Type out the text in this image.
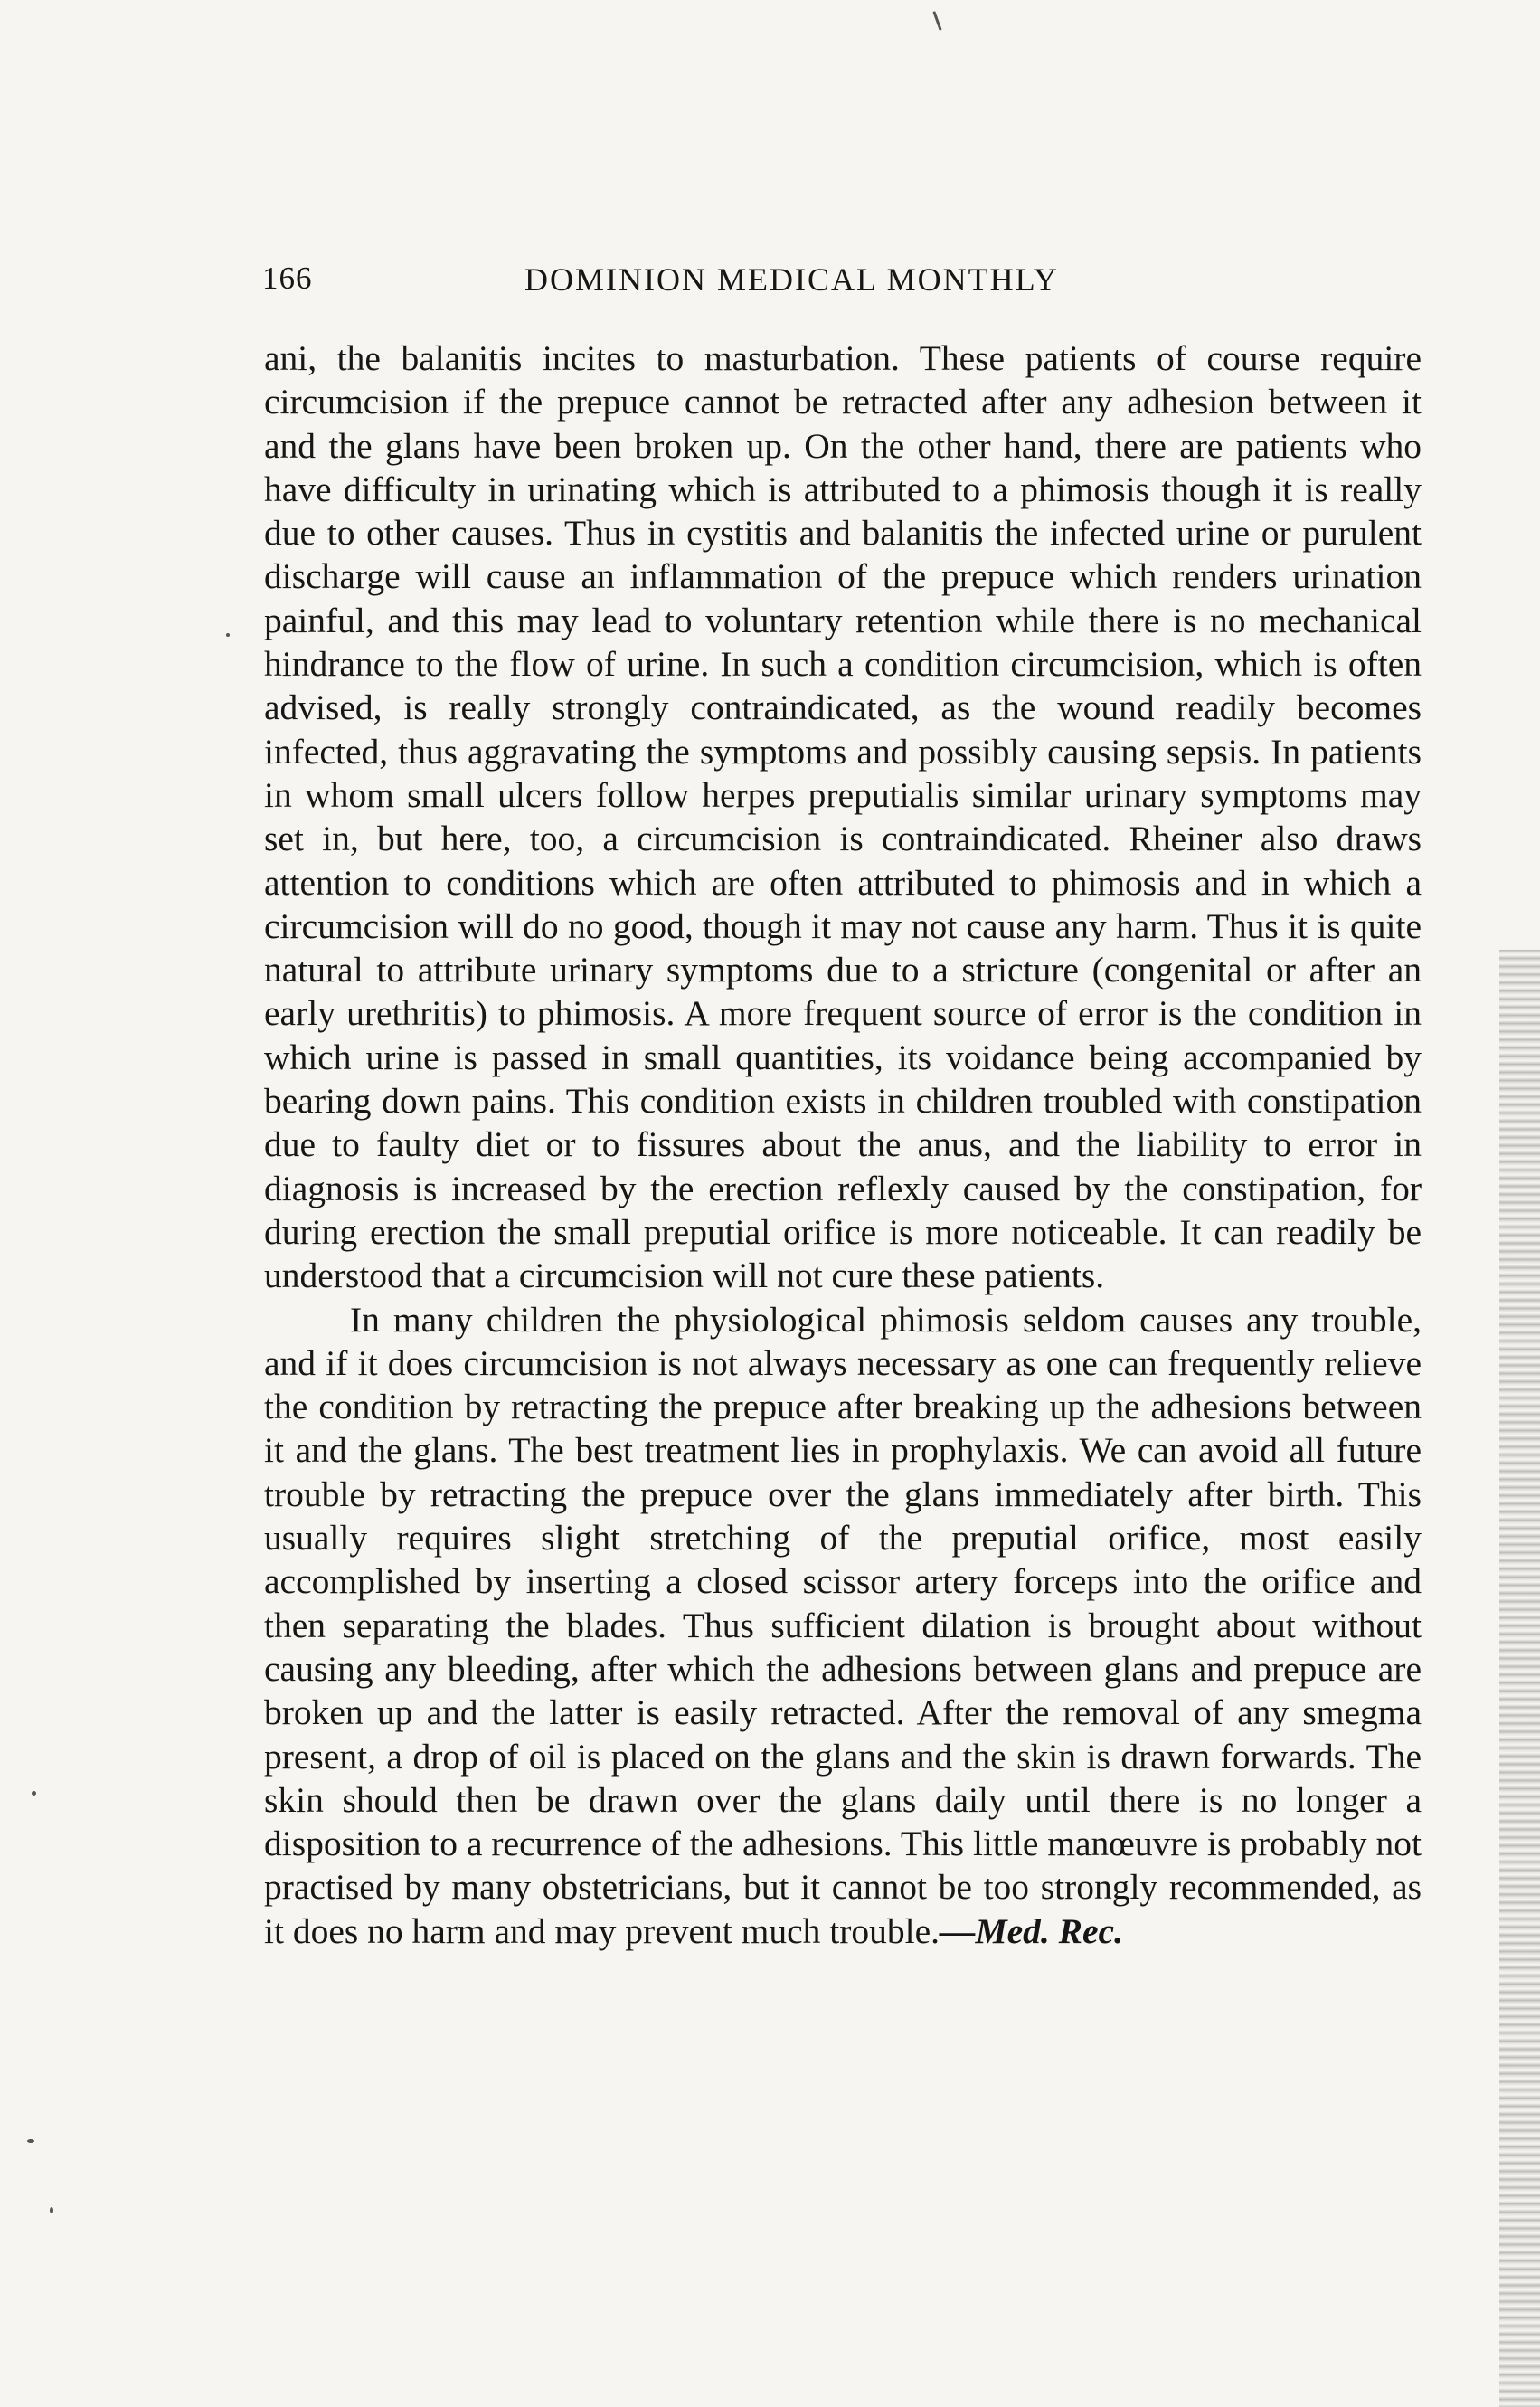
166	DOMINION MEDICAL MONTHLY

ani, the balanitis incites to masturbation. These patients of course require circumcision if the prepuce cannot be retracted after any adhesion between it and the glans have been broken up. On the other hand, there are patients who have difficulty in urinating which is attributed to a phimosis though it is really due to other causes. Thus in cystitis and balanitis the infected urine or purulent discharge will cause an inflammation of the prepuce which renders urination painful, and this may lead to voluntary retention while there is no mechanical hindrance to the flow of urine. In such a condition circumcision, which is often advised, is really strongly contraindicated, as the wound readily becomes infected, thus aggravating the symptoms and possibly causing sepsis. In patients in whom small ulcers follow herpes preputialis similar urinary symptoms may set in, but here, too, a circumcision is contraindicated. Rheiner also draws attention to conditions which are often attributed to phimosis and in which a circumcision will do no good, though it may not cause any harm. Thus it is quite natural to attribute urinary symptoms due to a stricture (congenital or after an early urethritis) to phimosis. A more frequent source of error is the condition in which urine is passed in small quantities, its voidance being accompanied by bearing down pains. This condition exists in children troubled with constipation due to faulty diet or to fissures about the anus, and the liability to error in diagnosis is increased by the erection reflexly caused by the constipation, for during erection the small preputial orifice is more noticeable. It can readily be understood that a circumcision will not cure these patients.

In many children the physiological phimosis seldom causes any trouble, and if it does circumcision is not always necessary as one can frequently relieve the condition by retracting the prepuce after breaking up the adhesions between it and the glans. The best treatment lies in prophylaxis. We can avoid all future trouble by retracting the prepuce over the glans immediately after birth. This usually requires slight stretching of the preputial orifice, most easily accomplished by inserting a closed scissor artery forceps into the orifice and then separating the blades. Thus sufficient dilation is brought about without causing any bleeding, after which the adhesions between glans and prepuce are broken up and the latter is easily retracted. After the removal of any smegma present, a drop of oil is placed on the glans and the skin is drawn forwards. The skin should then be drawn over the glans daily until there is no longer a disposition to a recurrence of the adhesions. This little manœuvre is probably not practised by many obstetricians, but it cannot be too strongly recommended, as it does no harm and may prevent much trouble.—Med. Rec.
